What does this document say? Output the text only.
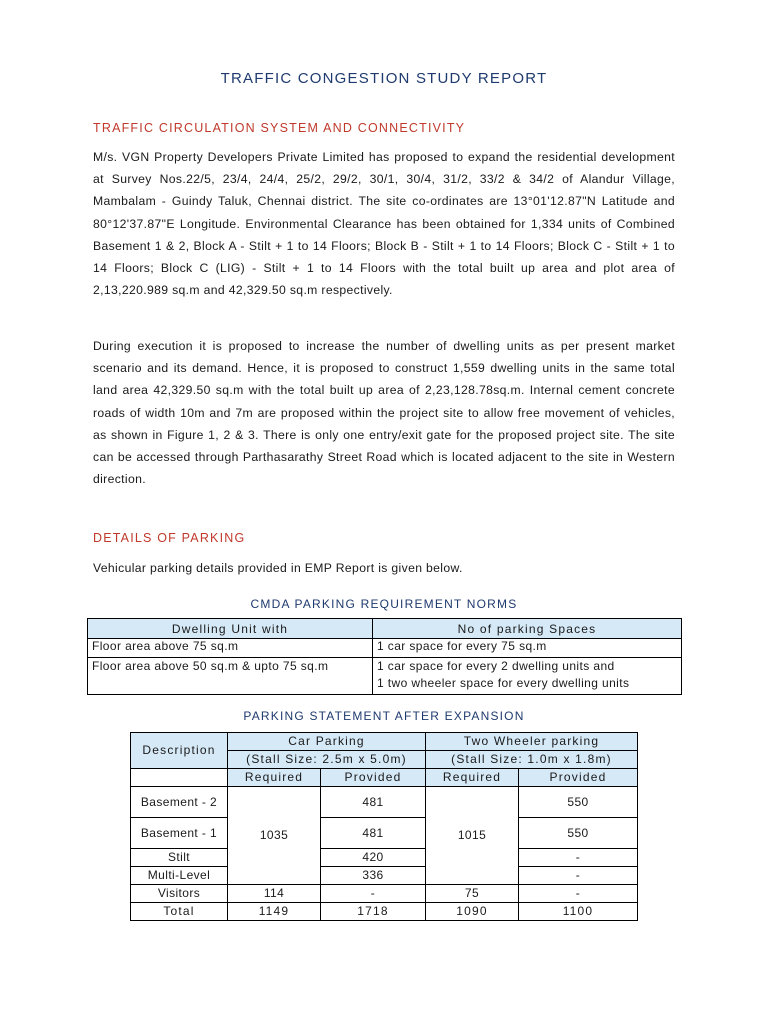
TRAFFIC CONGESTION STUDY REPORT
TRAFFIC CIRCULATION SYSTEM AND CONNECTIVITY

M/s. VGN Property Developers Private Limited has proposed to expand the residential development at Survey Nos.22/5, 23/4, 24/4, 25/2, 29/2, 30/1, 30/4, 31/2, 33/2 & 34/2 of Alandur Village, Mambalam - Guindy Taluk, Chennai district. The site co-ordinates are 13°01'12.87"N Latitude and 80°12'37.87"E Longitude. Environmental Clearance has been obtained for 1,334 units of Combined Basement 1 & 2, Block A - Stilt + 1 to 14 Floors; Block B - Stilt + 1 to 14 Floors; Block C - Stilt + 1 to 14 Floors; Block C (LIG) - Stilt + 1 to 14 Floors with the total built up area and plot area of 2,13,220.989 sq.m and 42,329.50 sq.m respectively.

During execution it is proposed to increase the number of dwelling units as per present market scenario and its demand. Hence, it is proposed to construct 1,559 dwelling units in the same total land area 42,329.50 sq.m with the total built up area of 2,23,128.78sq.m. Internal cement concrete roads of width 10m and 7m are proposed within the project site to allow free movement of vehicles, as shown in Figure 1, 2 & 3. There is only one entry/exit gate for the proposed project site. The site can be accessed through Parthasarathy Street Road which is located adjacent to the site in Western direction.

DETAILS OF PARKING
Vehicular parking details provided in EMP Report is given below.
CMDA PARKING REQUIREMENT NORMS
Dwelling Unit with	No of parking Spaces
Floor area above 75 sq.m	1 car space for every 75 sq.m
Floor area above 50 sq.m & upto 75 sq.m	1 car space for every 2 dwelling units and
1 two wheeler space for every dwelling units
PARKING STATEMENT AFTER EXPANSION
Description	Car Parking		Two Wheeler parking	
	(Stall Size: 2.5m x 5.0m)		(Stall Size: 1.0m x 1.8m)	
	Required	Provided	Required	Provided
Basement - 2	1035	481	1015	550
Basement - 1		481		550
Stilt		420		-
Multi-Level		336		-
Visitors	114	-	75	-
Total	1149	1718	1090	1100
